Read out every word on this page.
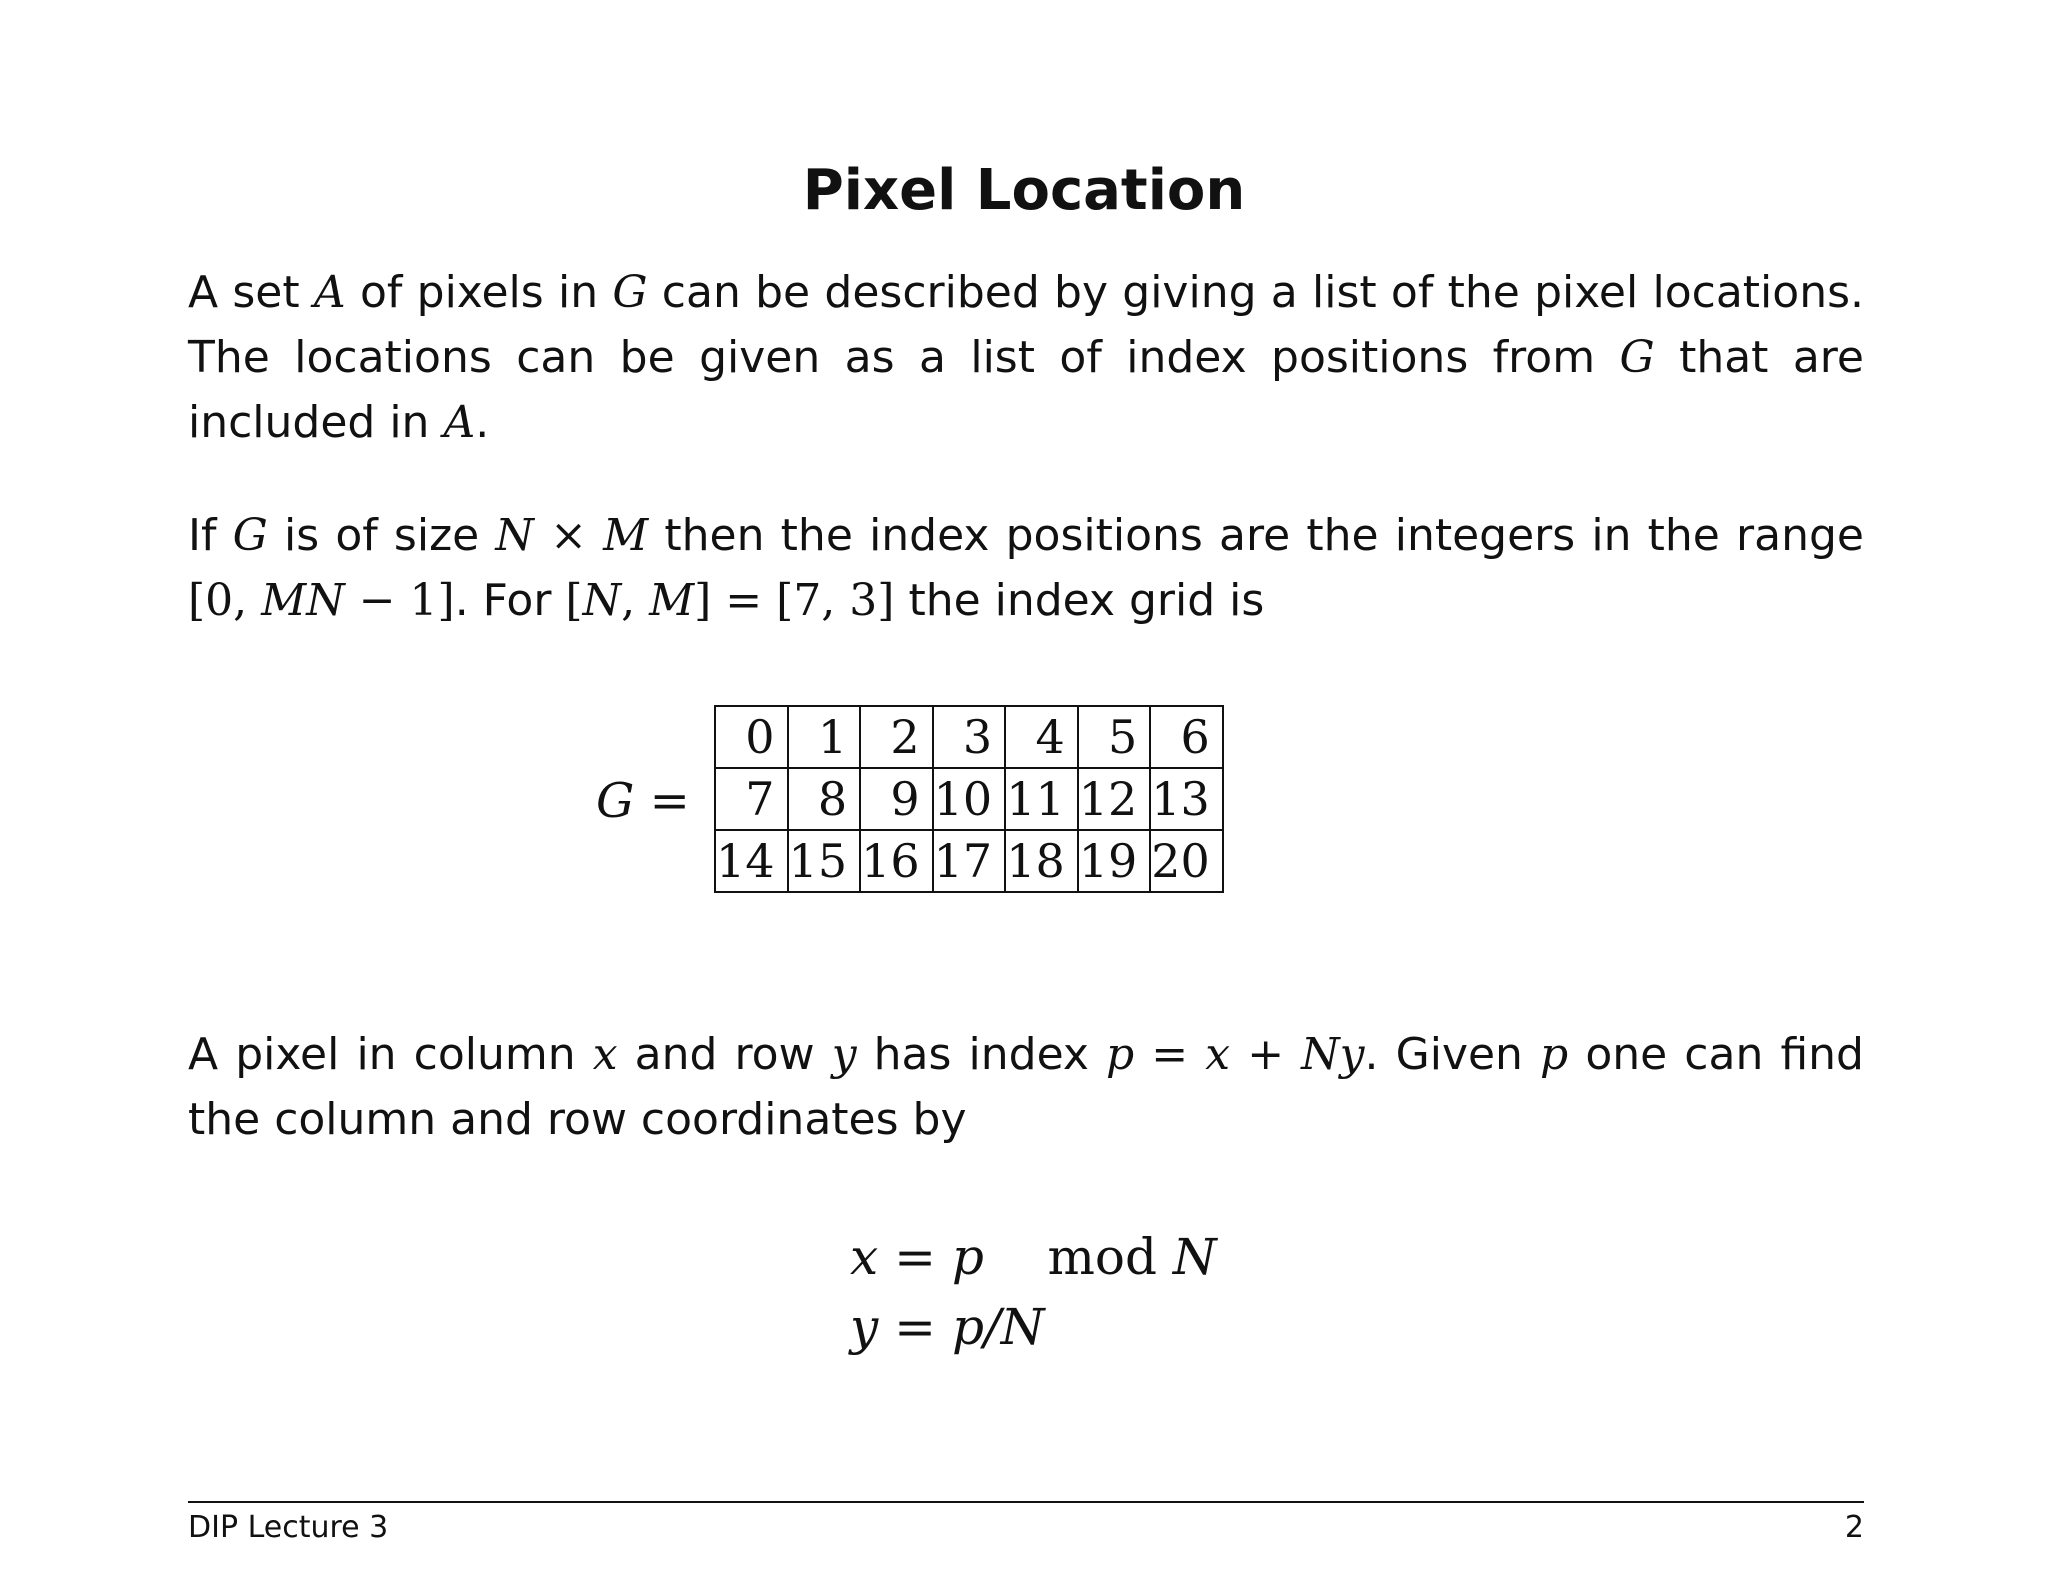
Pixel Location

A set A of pixels in G can be described by giving a list of the pixel locations. The locations can be given as a list of index positions from G that are included in A.

If G is of size N × M then the index positions are the integers in the range [0, MN − 1]. For [N, M] = [7, 3] the index grid is

G =
0	1	2	3	4	5	6
7	8	9	10	11	12	13
14	15	16	17	18	19	20

A pixel in column x and row y has index p = x + Ny. Given p one can find the column and row coordinates by

x = p    mod N
y = p/N
DIP Lecture 3	2
